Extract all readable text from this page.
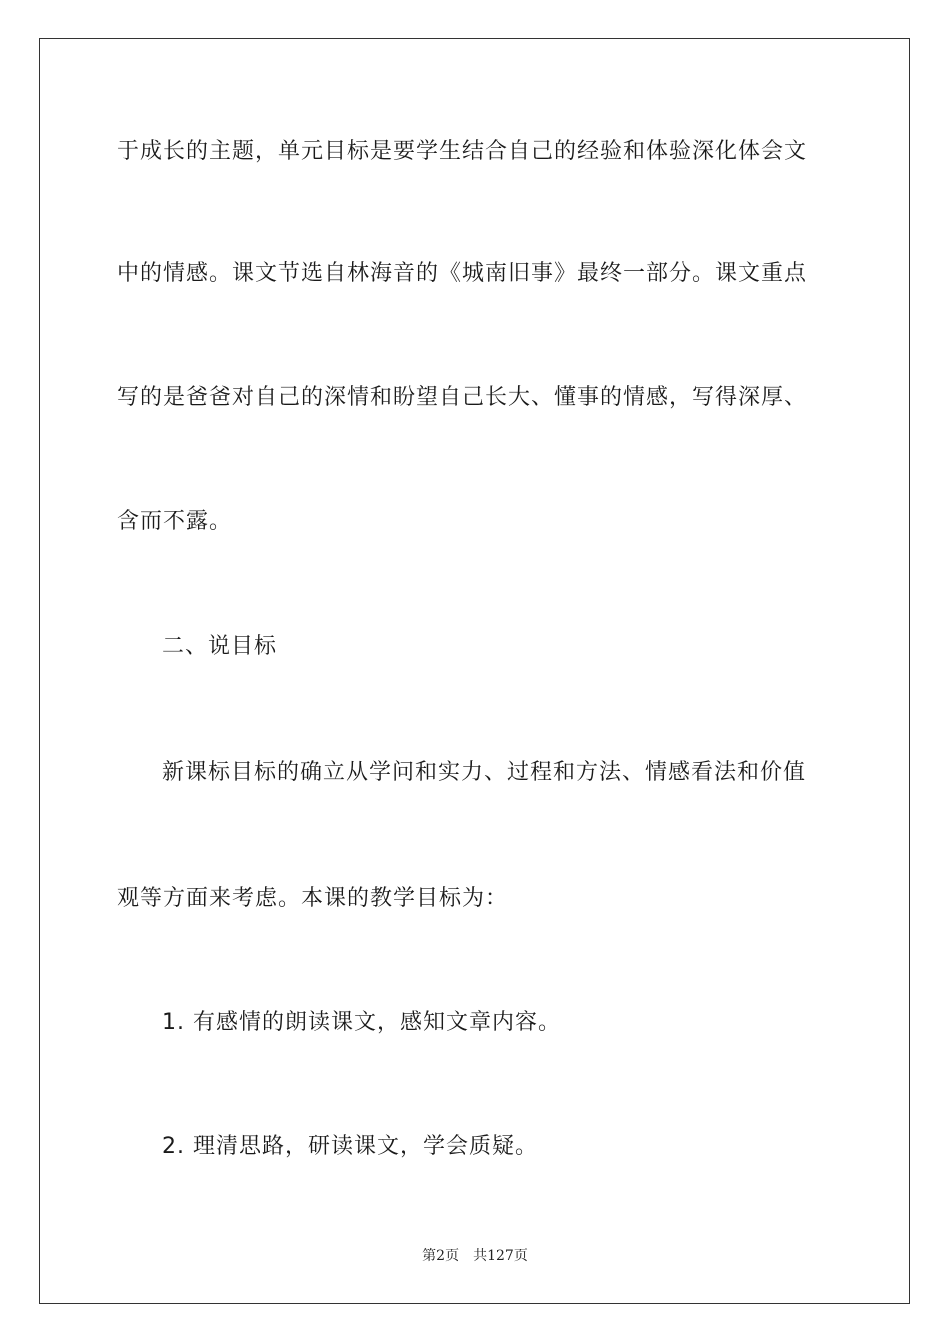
于成长的主题，单元目标是要学生结合自己的经验和体验深化体会文
中的情感。课文节选自林海音的《城南旧事》最终一部分。课文重点
写的是爸爸对自己的深情和盼望自己长大、懂事的情感，写得深厚、
含而不露。
二、说目标
新课标目标的确立从学问和实力、过程和方法、情感看法和价值
观等方面来考虑。本课的教学目标为：
1. 有感情的朗读课文，感知文章内容。
2. 理清思路，研读课文，学会质疑。
第2页 共127页
